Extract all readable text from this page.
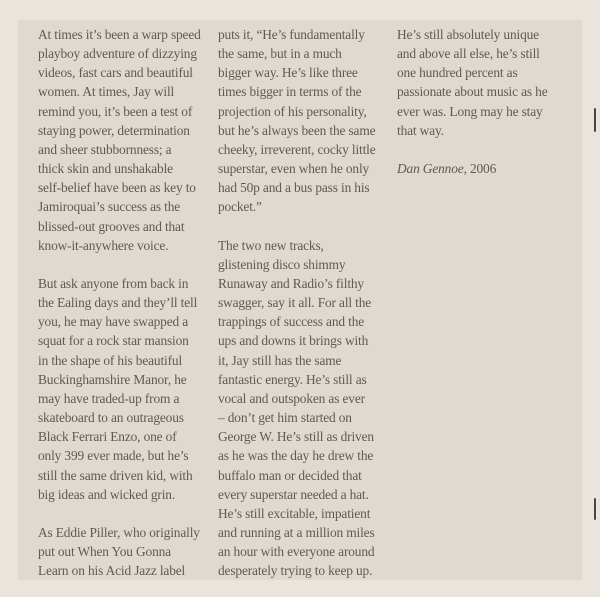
At times it’s been a warp speed
playboy adventure of dizzying
videos, fast cars and beautiful
women. At times, Jay will
remind you, it’s been a test of
staying power, determination
and sheer stubbornness; a
thick skin and unshakable
self-belief have been as key to
Jamiroquai’s success as the
blissed-out grooves and that
know-it-anywhere voice.

But ask anyone from back in
the Ealing days and they’ll tell
you, he may have swapped a
squat for a rock star mansion
in the shape of his beautiful
Buckinghamshire Manor, he
may have traded-up from a
skateboard to an outrageous
Black Ferrari Enzo, one of
only 399 ever made, but he’s
still the same driven kid, with
big ideas and wicked grin.

As Eddie Piller, who originally
put out When You Gonna
Learn on his Acid Jazz label

puts it, “He’s fundamentally
the same, but in a much
bigger way. He’s like three
times bigger in terms of the
projection of his personality,
but he’s always been the same
cheeky, irreverent, cocky little
superstar, even when he only
had 50p and a bus pass in his
pocket.”

The two new tracks,
glistening disco shimmy
Runaway and Radio’s filthy
swagger, say it all. For all the
trappings of success and the
ups and downs it brings with
it, Jay still has the same
fantastic energy. He’s still as
vocal and outspoken as ever
– don’t get him started on
George W. He’s still as driven
as he was the day he drew the
buffalo man or decided that
every superstar needed a hat.
He’s still excitable, impatient
and running at a million miles
an hour with everyone around
desperately trying to keep up.

He’s still absolutely unique
and above all else, he’s still
one hundred percent as
passionate about music as he
ever was. Long may he stay
that way.

Dan Gennoe, 2006
